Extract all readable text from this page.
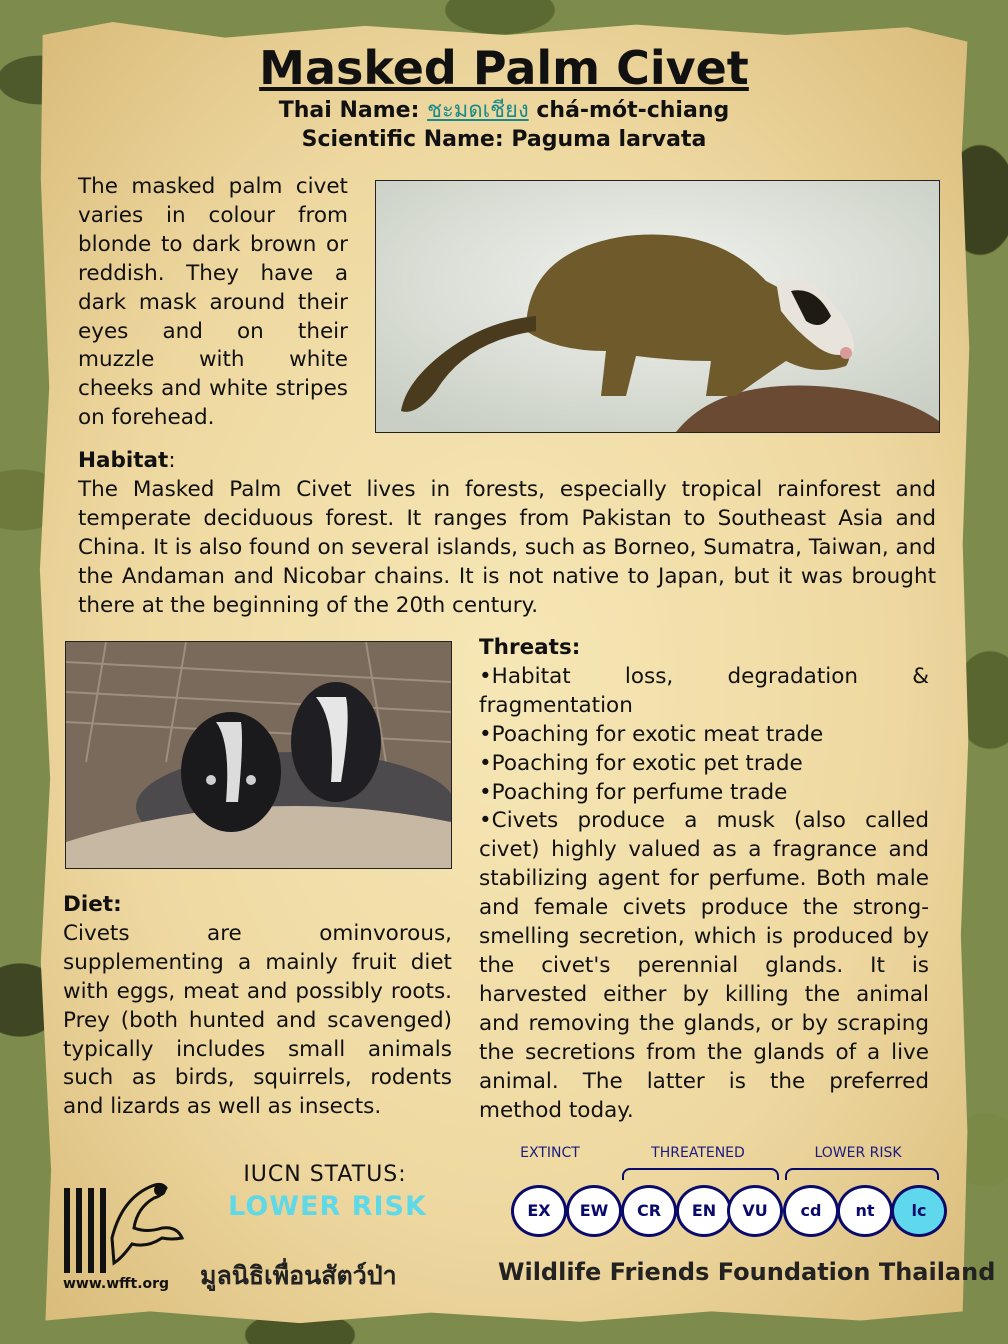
Masked Palm Civet
Thai Name: ชะมดเชียง chá-mót-chiang
Scientific Name: Paguma larvata
The masked palm civet varies in colour from blonde to dark brown or reddish. They have a dark mask around their eyes and on their muzzle with white cheeks and white stripes on forehead.
Habitat:
The Masked Palm Civet lives in forests, especially tropical rainforest and temperate deciduous forest. It ranges from Pakistan to Southeast Asia and China. It is also found on several islands, such as Borneo, Sumatra, Taiwan, and the Andaman and Nicobar chains. It is not native to Japan, but it was brought there at the beginning of the 20th century.
Diet:
Civets are ominvorous, supplementing a mainly fruit diet with eggs, meat and possibly roots. Prey (both hunted and scavenged) typically includes small animals such as birds, squirrels, rodents and lizards as well as insects.
Threats:

•Habitat loss, degradation & fragmentation

•Poaching for exotic meat trade

•Poaching for exotic pet trade

•Poaching for perfume trade

•Civets produce a musk (also called civet) highly valued as a fragrance and stabilizing agent for perfume. Both male and female civets produce the strong-smelling secretion, which is produced by the civet's perennial glands. It is harvested either by killing the animal and removing the glands, or by scraping the secretions from the glands of a live animal. The latter is the preferred method today.

IUCN STATUS:
LOWER RISK
EXTINCT	THREATENED	LOWER RISK
EX	EW	CR	EN	VU	cd	nt	lc
www.wfft.org มูลนิธิเพื่อนสัตว์ป่า	Wildlife Friends Foundation Thailand
